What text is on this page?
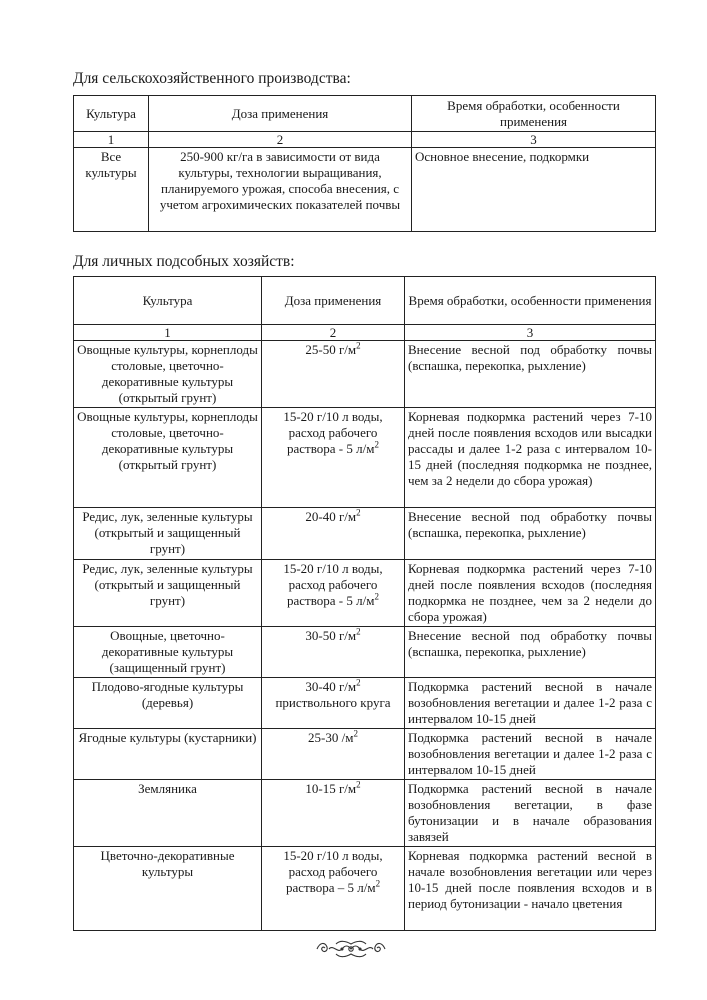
Для сельскохозяйственного производства:
Культура	Доза применения	Время обработки, особенности применения
1	2	3
Все культуры	250-900 кг/га в зависимости от вида культуры, технологии выращивания, планируемого урожая, способа внесения, с учетом агрохимических показателей почвы	Основное внесение, подкормки
Для личных подсобных хозяйств:
Культура	Доза применения	Время обработки, особенности применения
1	2	3
Овощные культуры, корнеплоды столовые, цветочно-декоративные культуры (открытый грунт)	25-50 $г/м^2$	Внесение весной под обработку почвы (вспашка, перекопка, рыхление)
Овощные культуры, корнеплоды столовые, цветочно-декоративные культуры (открытый грунт)	15-20 г/10 л воды, расход рабочего раствора - 5 $л/м^2$	Корневая подкормка растений через 7-10 дней после появления всходов или высадки рассады и далее 1-2 раза с интервалом 10-15 дней (последняя подкормка не позднее, чем за 2 недели до сбора урожая)
Редис, лук, зеленные культуры (открытый и защищенный грунт)	20-40 $г/м^2$	Внесение весной под обработку почвы (вспашка, перекопка, рыхление)
Редис, лук, зеленные культуры (открытый и защищенный грунт)	15-20 г/10 л воды, расход рабочего раствора - 5 $л/м^2$	Корневая подкормка растений через 7-10 дней после появления всходов (последняя подкормка не позднее, чем за 2 недели до сбора урожая)
Овощные, цветочно-декоративные культуры (защищенный грунт)	30-50 $г/м^2$	Внесение весной под обработку почвы (вспашка, перекопка, рыхление)
Плодово-ягодные культуры (деревья)	30-40 $г/м^2$ приствольного круга	Подкормка растений весной в начале возобновления вегетации и далее 1-2 раза с интервалом 10-15 дней
Ягодные культуры (кустарники)	25-30 $/м^2$	Подкормка растений весной в начале возобновления вегетации и далее 1-2 раза с интервалом 10-15 дней
Земляника	10-15 $г/м^2$	Подкормка растений весной в начале возобновления вегетации, в фазе бутонизации и в начале образования завязей
Цветочно-декоративные культуры	15-20 г/10 л воды, расход рабочего раствора – 5 $л/м^2$	Корневая подкормка растений весной в начале возобновления вегетации или через 10-15 дней после появления всходов и в период бутонизации - начало цветения
